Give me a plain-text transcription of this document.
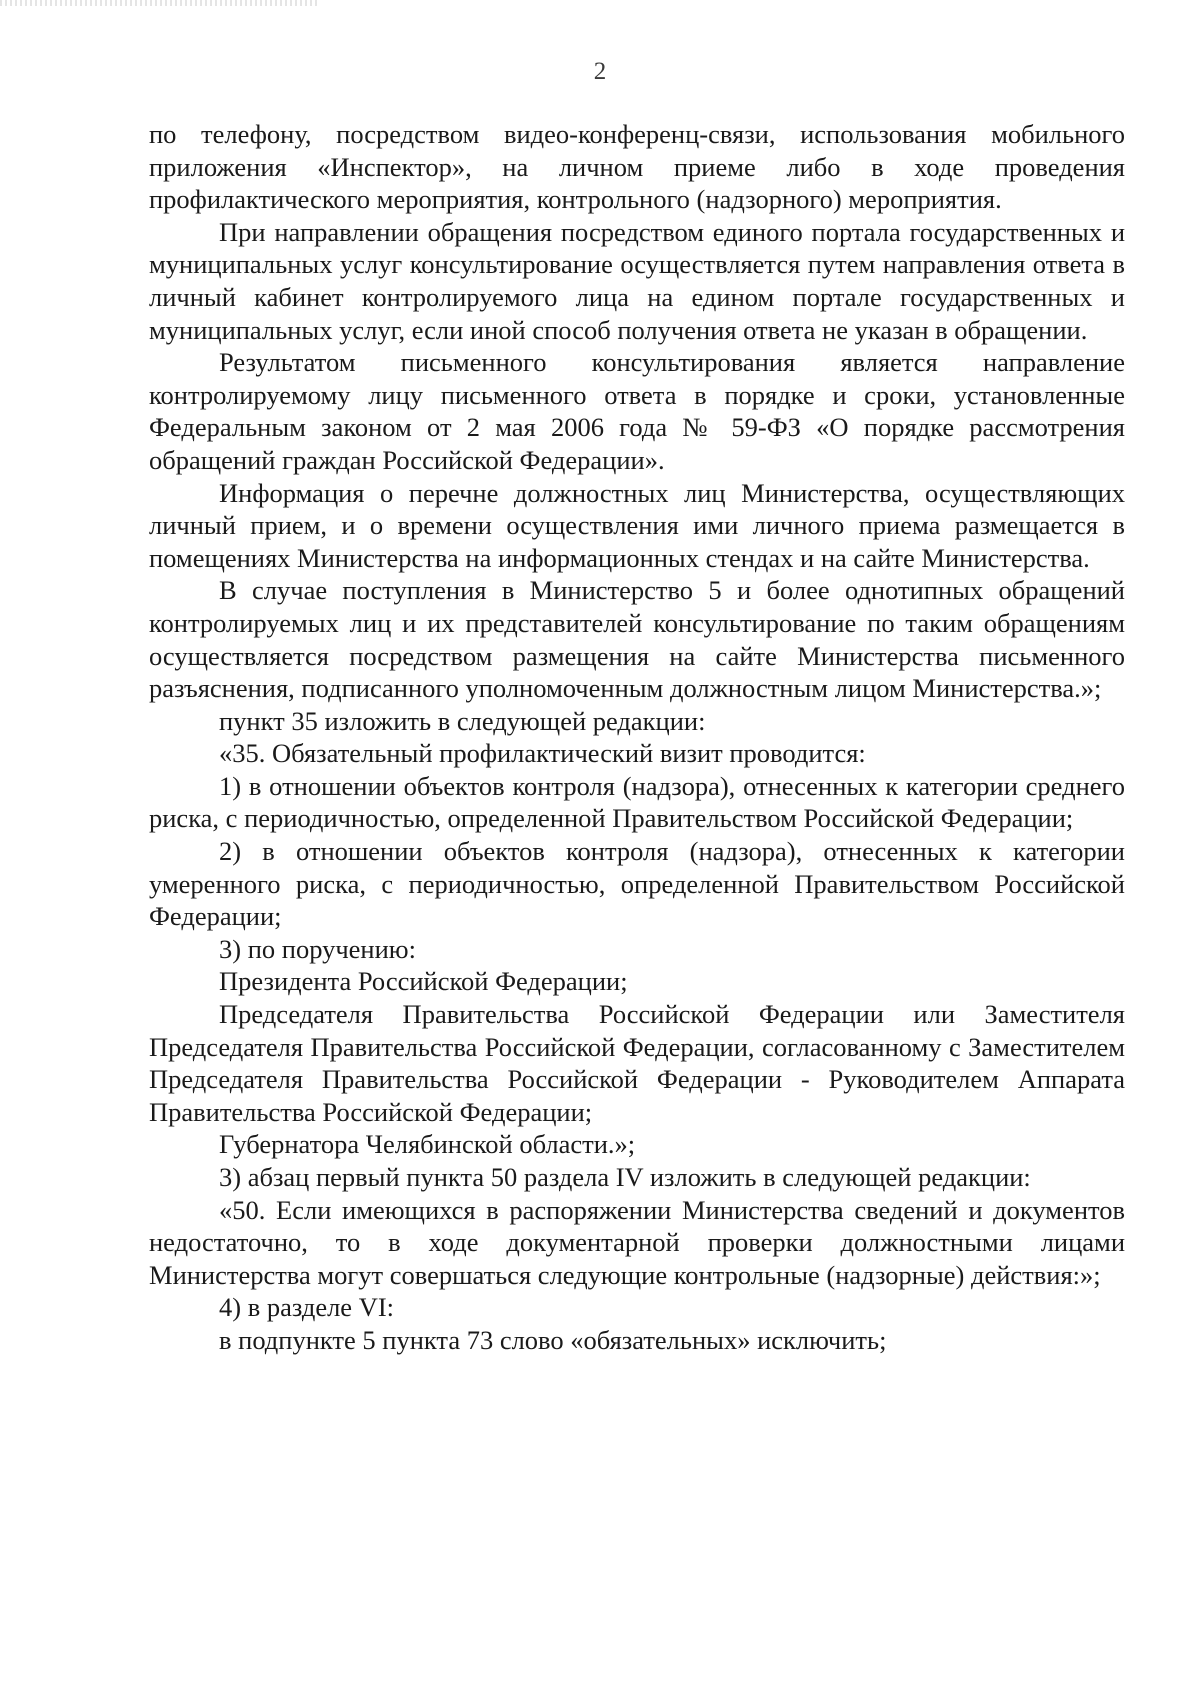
2

по телефону, посредством видео-конференц-связи, использования мобильного приложения «Инспектор», на личном приеме либо в ходе проведения профилактического мероприятия, контрольного (надзорного) мероприятия.

При направлении обращения посредством единого портала государственных и муниципальных услуг консультирование осуществляется путем направления ответа в личный кабинет контролируемого лица на едином портале государственных и муниципальных услуг, если иной способ получения ответа не указан в обращении.

Результатом письменного консультирования является направление контролируемому лицу письменного ответа в порядке и сроки, установленные Федеральным законом от 2 мая 2006 года № 59-ФЗ «О порядке рассмотрения обращений граждан Российской Федерации».

Информация о перечне должностных лиц Министерства, осуществляющих личный прием, и о времени осуществления ими личного приема размещается в помещениях Министерства на информационных стендах и на сайте Министерства.

В случае поступления в Министерство 5 и более однотипных обращений контролируемых лиц и их представителей консультирование по таким обращениям осуществляется посредством размещения на сайте Министерства письменного разъяснения, подписанного уполномоченным должностным лицом Министерства.»;

пункт 35 изложить в следующей редакции:

«35. Обязательный профилактический визит проводится:

1) в отношении объектов контроля (надзора), отнесенных к категории среднего риска, с периодичностью, определенной Правительством Российской Федерации;

2) в отношении объектов контроля (надзора), отнесенных к категории умеренного риска, с периодичностью, определенной Правительством Российской Федерации;

3) по поручению:

Президента Российской Федерации;

Председателя Правительства Российской Федерации или Заместителя Председателя Правительства Российской Федерации, согласованному с Заместителем Председателя Правительства Российской Федерации - Руководителем Аппарата Правительства Российской Федерации;

Губернатора Челябинской области.»;

3) абзац первый пункта 50 раздела IV изложить в следующей редакции:

«50. Если имеющихся в распоряжении Министерства сведений и документов недостаточно, то в ходе документарной проверки должностными лицами Министерства могут совершаться следующие контрольные (надзорные) действия:»;

4) в разделе VI:

в подпункте 5 пункта 73 слово «обязательных» исключить;
